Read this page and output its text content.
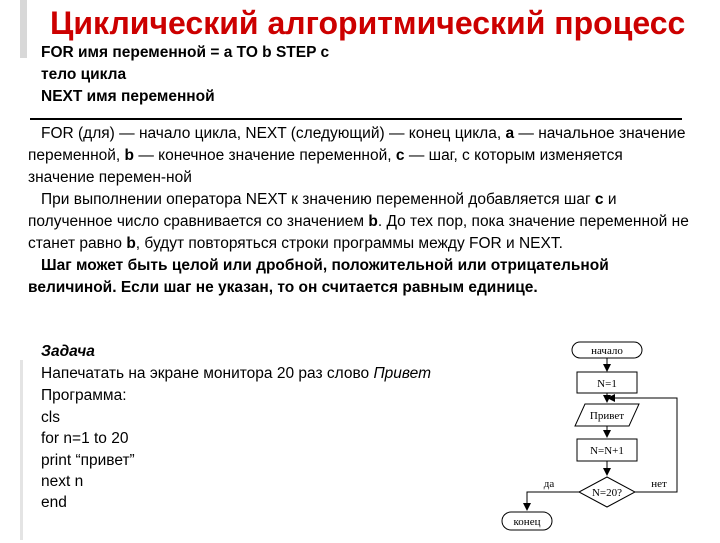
Циклический алгоритмический процесс
FOR имя переменной = a TO b STEP c
тело цикла
NEXT имя переменной

FOR (для) — начало цикла, NEXT (следующий) — конец цикла, а — начальное значение переменной, b — конечное значение переменной, с — шаг, с которым изменяется значение перемен-ной

При выполнении оператора NEXT к значению переменной добавляется шаг с и полученное число сравнивается со значением b. До тех пор, пока значение переменной не станет равно b, будут повторяться строки программы между FOR и NEXT.

Шаг может быть целой или дробной, положительной или отрицательной величиной. Если шаг не указан, то он считается равным единице.

Задача
Напечатать на экране монитора 20 раз слово Привет
Программа:
cls
for n=1 to 20
print “привет”
next n
end
начало
N=1
Привет
N=N+1
N=20?
да	нет
конец
